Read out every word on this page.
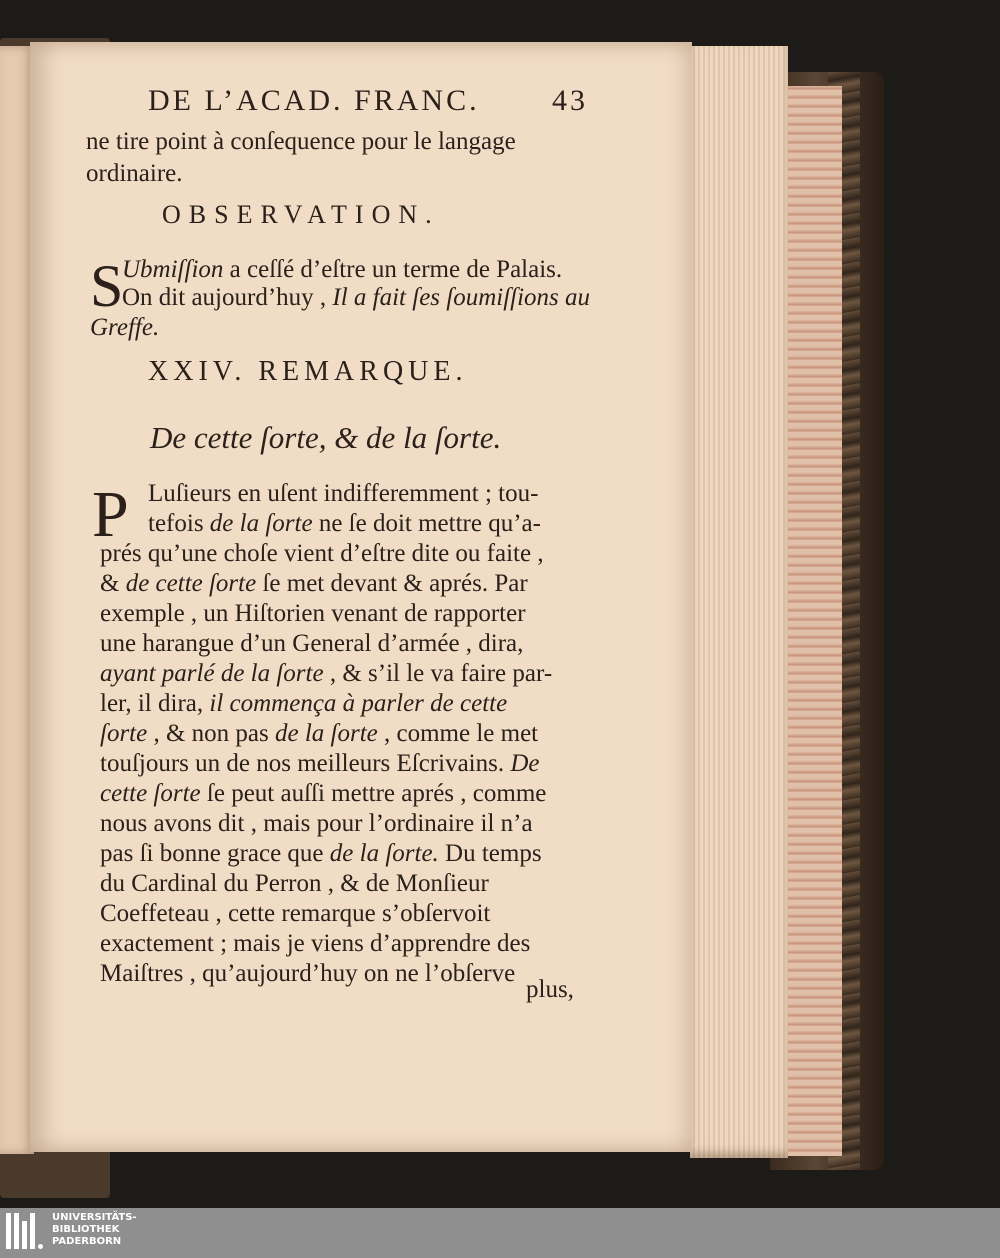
DE L’ACAD. FRANC. 43
ne tire point à conſequence pour le langage
ordinaire.
OBSERVATION.
S
Ubmiſſion a ceſſé d’eſtre un terme de Palais.
On dit aujourd’huy , Il a fait ſes ſoumiſſions au
Greffe.
XXIV. REMARQUE.
De cette ſorte, & de la ſorte.
P Luſieurs en uſent indifferemment ; tou-
tefois de la ſorte ne ſe doit mettre qu’a-
prés qu’une choſe vient d’eſtre dite ou faite ,
& de cette ſorte ſe met devant & aprés. Par
exemple , un Hiſtorien venant de rapporter
une harangue d’un General d’armée , dira,
ayant parlé de la ſorte , & s’il le va faire par-
ler, il dira, il commença à parler de cette
ſorte , & non pas de la ſorte , comme le met
touſjours un de nos meilleurs Eſcrivains. De
cette ſorte ſe peut auſſi mettre aprés , comme
nous avons dit , mais pour l’ordinaire il n’a
pas ſi bonne grace que de la ſorte. Du temps
du Cardinal du Perron , & de Monſieur
Coeffeteau , cette remarque s’obſervoit
exactement ; mais je viens d’apprendre des
Maiſtres , qu’aujourd’huy on ne l’obſerve
plus,
UNIVERSITÄTS-
BIBLIOTHEK
PADERBORN
